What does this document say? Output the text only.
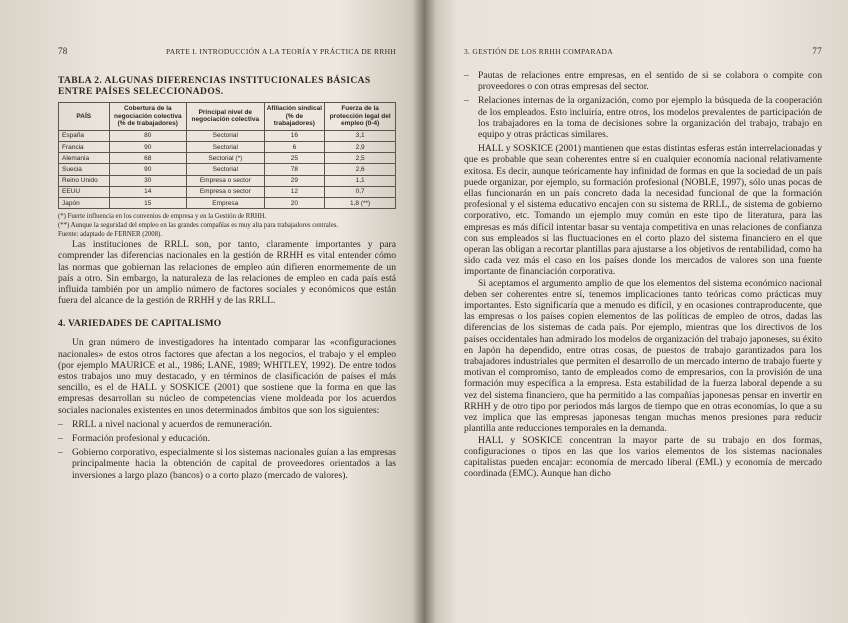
78	PARTE I. INTRODUCCIÓN A LA TEORÍA Y PRÁCTICA DE RRHH

TABLA 2. ALGUNAS DIFERENCIAS INSTITUCIONALES BÁSICAS ENTRE PAÍSES SELECCIONADOS.

PAÍS	Cobertura de la negociación colectiva (% de trabajadores)	Principal nivel de negociación colectiva	Afiliación sindical (% de trabajadores)	Fuerza de la protección legal del empleo (0-4)
España	80	Sectorial	16	3,1
Francia	90	Sectorial	6	2,9
Alemania	68	Sectorial (*)	25	2,5
Suecia	90	Sectorial	78	2,6
Reino Unido	30	Empresa o sector	29	1,1
EEUU	14	Empresa o sector	12	0,7
Japón	15	Empresa	20	1,8 (**)

(*) Fuerte influencia en los convenios de empresa y en la Gestión de RRHH.

(**) Aunque la seguridad del empleo en las grandes compañías es muy alta para trabajadores centrales.

Fuente: adaptado de FERNER (2008).

Las instituciones de RRLL son, por tanto, claramente importantes y para comprender las diferencias nacionales en la gestión de RRHH es vital entender cómo las normas que gobiernan las relaciones de empleo aún difieren enormemente de un país a otro. Sin embargo, la naturaleza de las relaciones de empleo en cada país está influida también por un amplio número de factores sociales y económicos que están fuera del alcance de la gestión de RRHH y de las RRLL.

4. VARIEDADES DE CAPITALISMO

Un gran número de investigadores ha intentado comparar las «configuraciones nacionales» de estos otros factores que afectan a los negocios, el trabajo y el empleo (por ejemplo MAURICE et al., 1986; LANE, 1989; WHITLEY, 1992). De entre todos estos trabajos uno muy destacado, y en términos de clasificación de países el más sencillo, es el de HALL y SOSKICE (2001) que sostiene que la forma en que las empresas desarrollan su núcleo de competencias viene moldeada por los acuerdos sociales nacionales existentes en unos determinados ámbitos que son los siguientes:

– RRLL a nivel nacional y acuerdos de remuneración.
– Formación profesional y educación.
– Gobierno corporativo, especialmente si los sistemas nacionales guían a las empresas principalmente hacia la obtención de capital de proveedores orientados a las inversiones a largo plazo (bancos) o a corto plazo (mercado de valores).
3. GESTIÓN DE LOS RRHH COMPARADA	77
– Pautas de relaciones entre empresas, en el sentido de si se colabora o compite con proveedores o con otras empresas del sector.
– Relaciones internas de la organización, como por ejemplo la búsqueda de la cooperación de los empleados. Esto incluiría, entre otros, los modelos prevalentes de participación de los trabajadores en la toma de decisiones sobre la organización del trabajo, trabajo en equipo y otras prácticas similares.

HALL y SOSKICE (2001) mantienen que estas distintas esferas están interrelacionadas y que es probable que sean coherentes entre sí en cualquier economía nacional relativamente exitosa. Es decir, aunque teóricamente hay infinidad de formas en que la sociedad de un país puede organizar, por ejemplo, su formación profesional (NOBLE, 1997), sólo unas pocas de ellas funcionarán en un país concreto dada la necesidad funcional de que la formación profesional y el sistema educativo encajen con su sistema de RRLL, de sistema de gobierno corporativo, etc. Tomando un ejemplo muy común en este tipo de literatura, para las empresas es más difícil intentar basar su ventaja competitiva en unas relaciones de confianza con sus empleados si las fluctuaciones en el corto plazo del sistema financiero en el que operan las obligan a recortar plantillas para ajustarse a los objetivos de rentabilidad, como ha sido cada vez más el caso en los países donde los mercados de valores son una fuente importante de financiación corporativa.

Si aceptamos el argumento amplio de que los elementos del sistema económico nacional deben ser coherentes entre sí, tenemos implicaciones tanto teóricas como prácticas muy importantes. Esto significaría que a menudo es difícil, y en ocasiones contraproducente, que las empresas o los países copien elementos de las políticas de empleo de otros, dadas las diferencias de los sistemas de cada país. Por ejemplo, mientras que los directivos de los países occidentales han admirado los modelos de organización del trabajo japoneses, su éxito en Japón ha dependido, entre otras cosas, de puestos de trabajo garantizados para los trabajadores industriales que permiten el desarrollo de un mercado interno de trabajo fuerte y motivan el compromiso, tanto de empleados como de empresarios, con la provisión de una formación muy específica a la empresa. Esta estabilidad de la fuerza laboral depende a su vez del sistema financiero, que ha permitido a las compañías japonesas pensar en invertir en RRHH y de otro tipo por periodos más largos de tiempo que en otras economías, lo que a su vez implica que las empresas japonesas tengan muchas menos presiones para reducir plantilla ante reducciones temporales en la demanda.

HALL y SOSKICE concentran la mayor parte de su trabajo en dos formas, configuraciones o tipos en las que los varios elementos de los sistemas nacionales capitalistas pueden encajar: economía de mercado liberal (EML) y economía de mercado coordinada (EMC). Aunque han dicho
